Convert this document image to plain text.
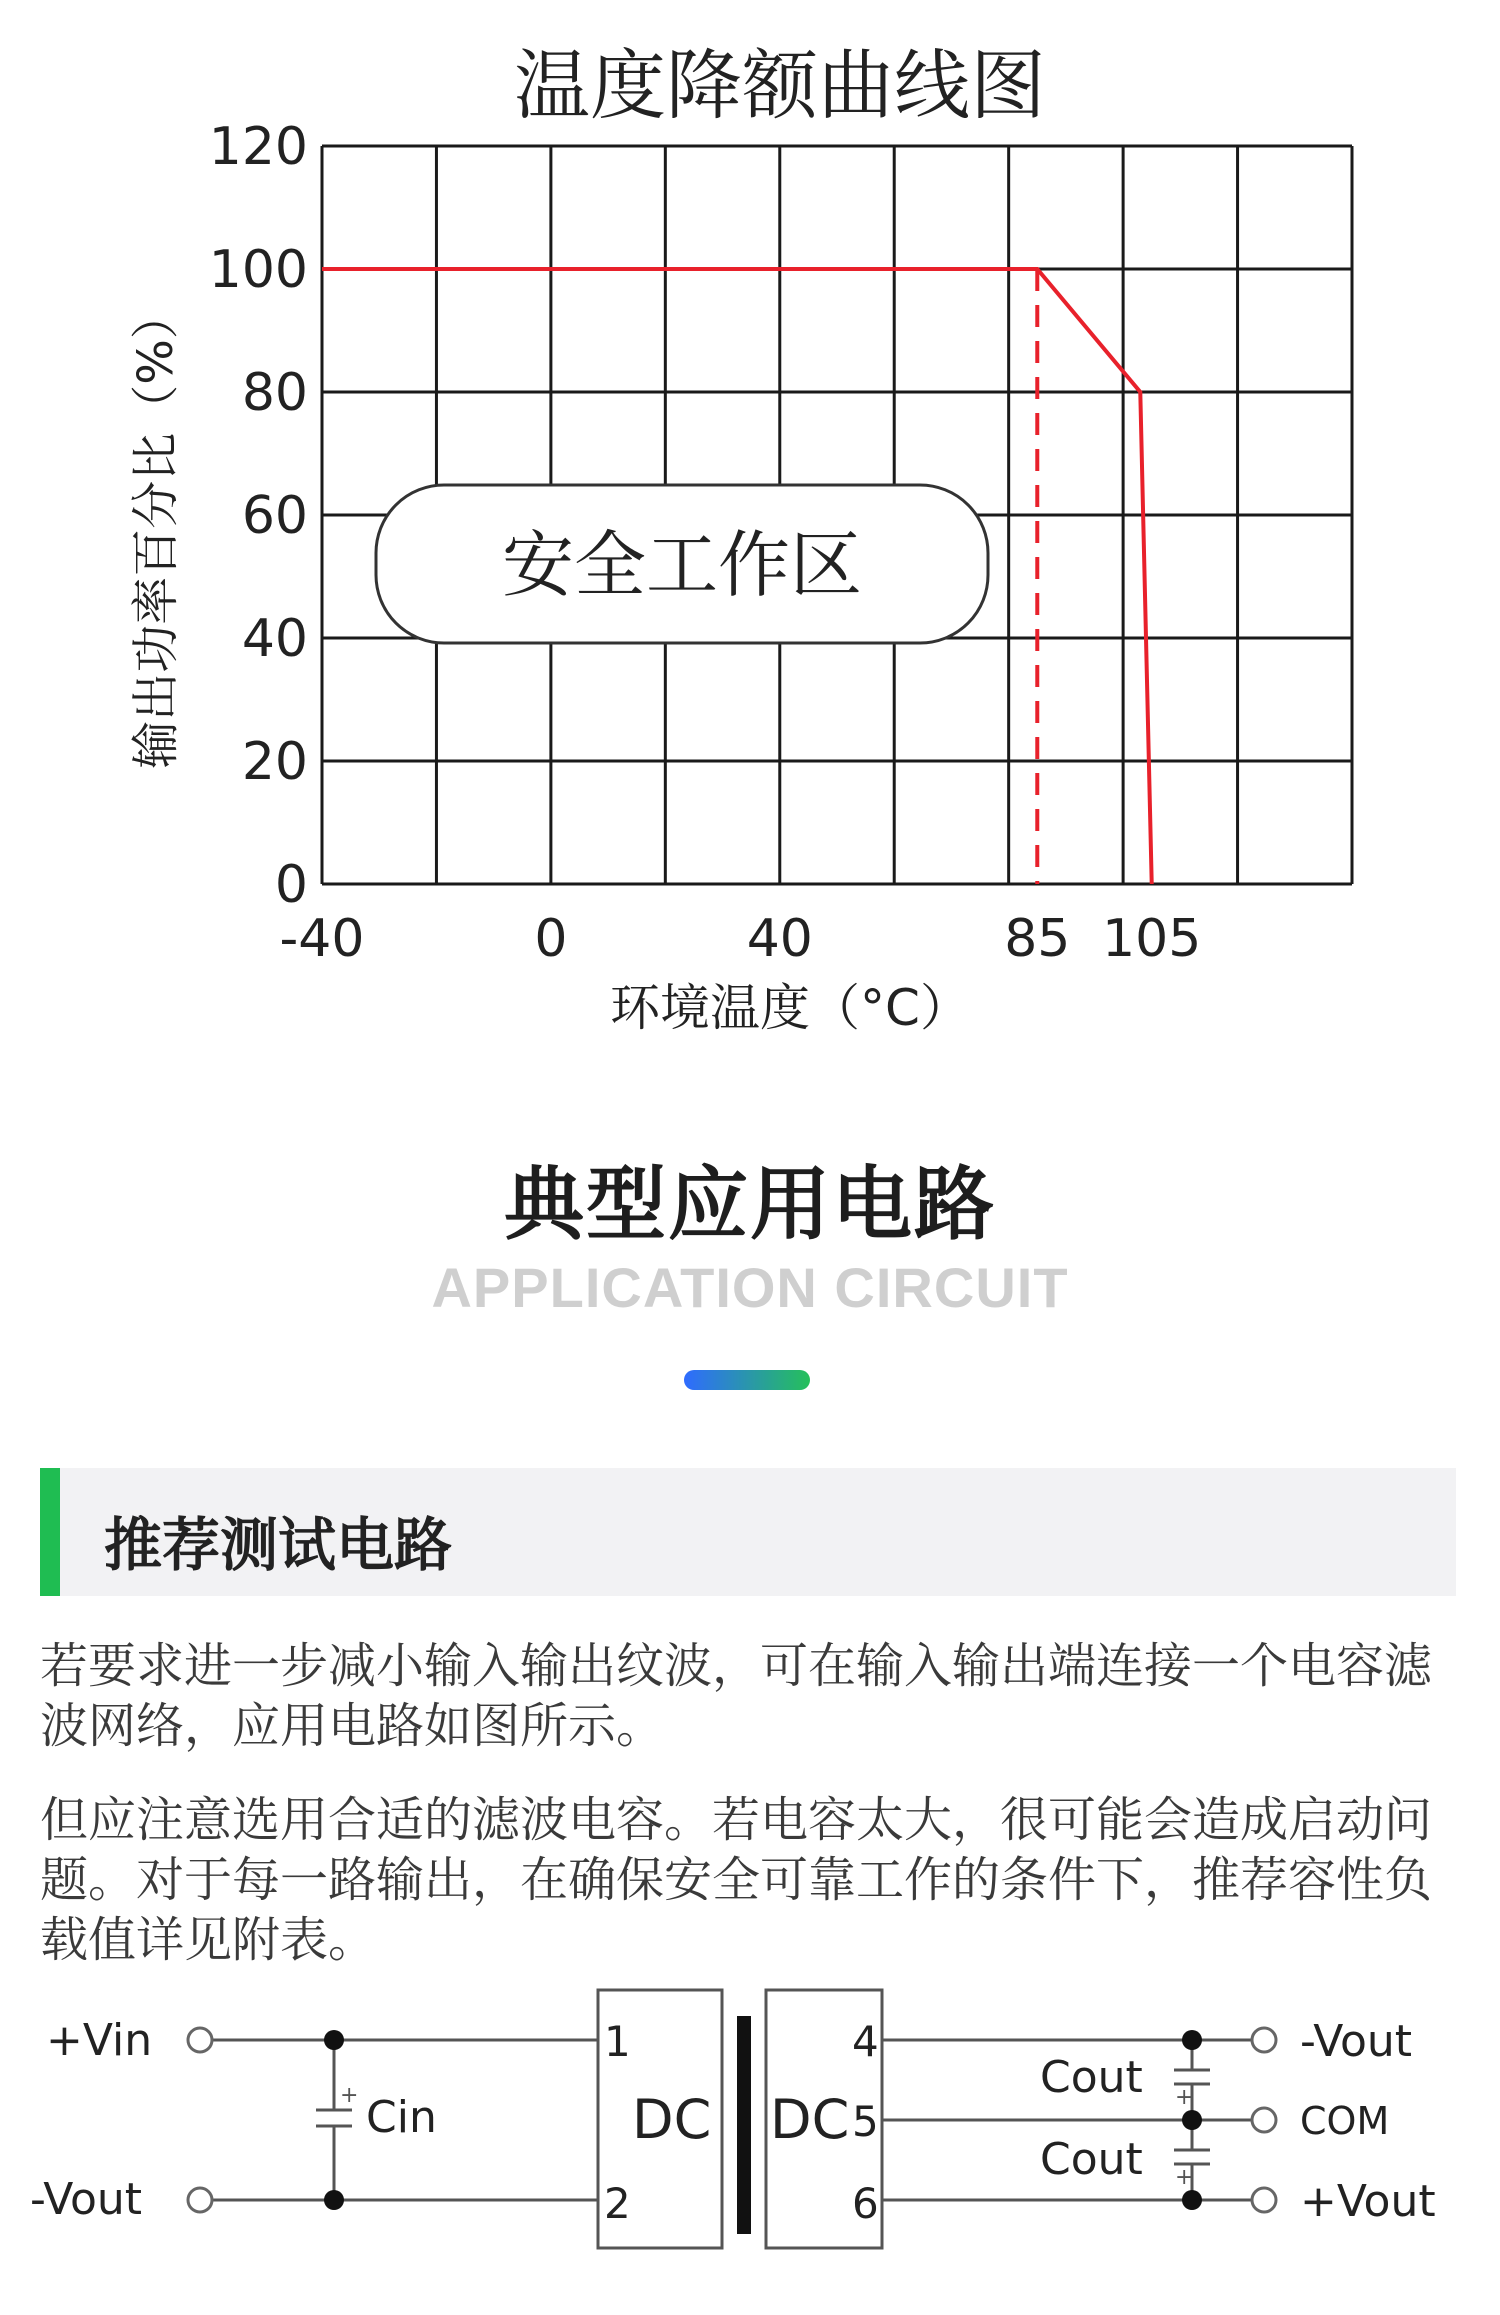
温度降额曲线图
0
20
40
60
80
100
120
-40	0	40	85 105
安全工作区
环境温度（°C）
输出功率百分比（%）
典型应用电路
APPLICATION CIRCUIT
推荐测试电路

若要求进一步减小输入输出纹波，可在输入输出端连接一个电容滤波网络，应用电路如图所示。

但应注意选用合适的滤波电容。若电容太大，很可能会造成启动问题。对于每一路输出，在确保安全可靠工作的条件下，推荐容性负载值详见附表。

+	+
+
+Vin
-Vout
Cin
1
2
DC DC
4
5
6
Cout
Cout
-Vout
COM
+Vout
